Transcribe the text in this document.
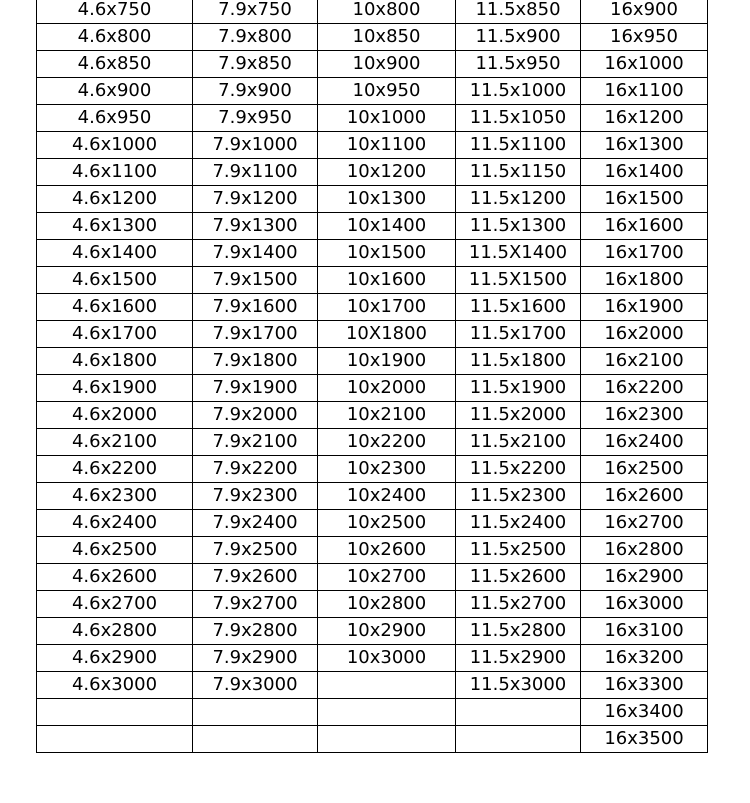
4.6x750	7.9x750	10x800	11.5x850	16x900
4.6x800	7.9x800	10x850	11.5x900	16x950
4.6x850	7.9x850	10x900	11.5x950	16x1000
4.6x900	7.9x900	10x950	11.5x1000	16x1100
4.6x950	7.9x950	10x1000	11.5x1050	16x1200
4.6x1000	7.9x1000	10x1100	11.5x1100	16x1300
4.6x1100	7.9x1100	10x1200	11.5x1150	16x1400
4.6x1200	7.9x1200	10x1300	11.5x1200	16x1500
4.6x1300	7.9x1300	10x1400	11.5x1300	16x1600
4.6x1400	7.9x1400	10x1500	11.5X1400	16x1700
4.6x1500	7.9x1500	10x1600	11.5X1500	16x1800
4.6x1600	7.9x1600	10x1700	11.5x1600	16x1900
4.6x1700	7.9x1700	10X1800	11.5x1700	16x2000
4.6x1800	7.9x1800	10x1900	11.5x1800	16x2100
4.6x1900	7.9x1900	10x2000	11.5x1900	16x2200
4.6x2000	7.9x2000	10x2100	11.5x2000	16x2300
4.6x2100	7.9x2100	10x2200	11.5x2100	16x2400
4.6x2200	7.9x2200	10x2300	11.5x2200	16x2500
4.6x2300	7.9x2300	10x2400	11.5x2300	16x2600
4.6x2400	7.9x2400	10x2500	11.5x2400	16x2700
4.6x2500	7.9x2500	10x2600	11.5x2500	16x2800
4.6x2600	7.9x2600	10x2700	11.5x2600	16x2900
4.6x2700	7.9x2700	10x2800	11.5x2700	16x3000
4.6x2800	7.9x2800	10x2900	11.5x2800	16x3100
4.6x2900	7.9x2900	10x3000	11.5x2900	16x3200
4.6x3000	7.9x3000		11.5x3000	16x3300
				16x3400
				16x3500
